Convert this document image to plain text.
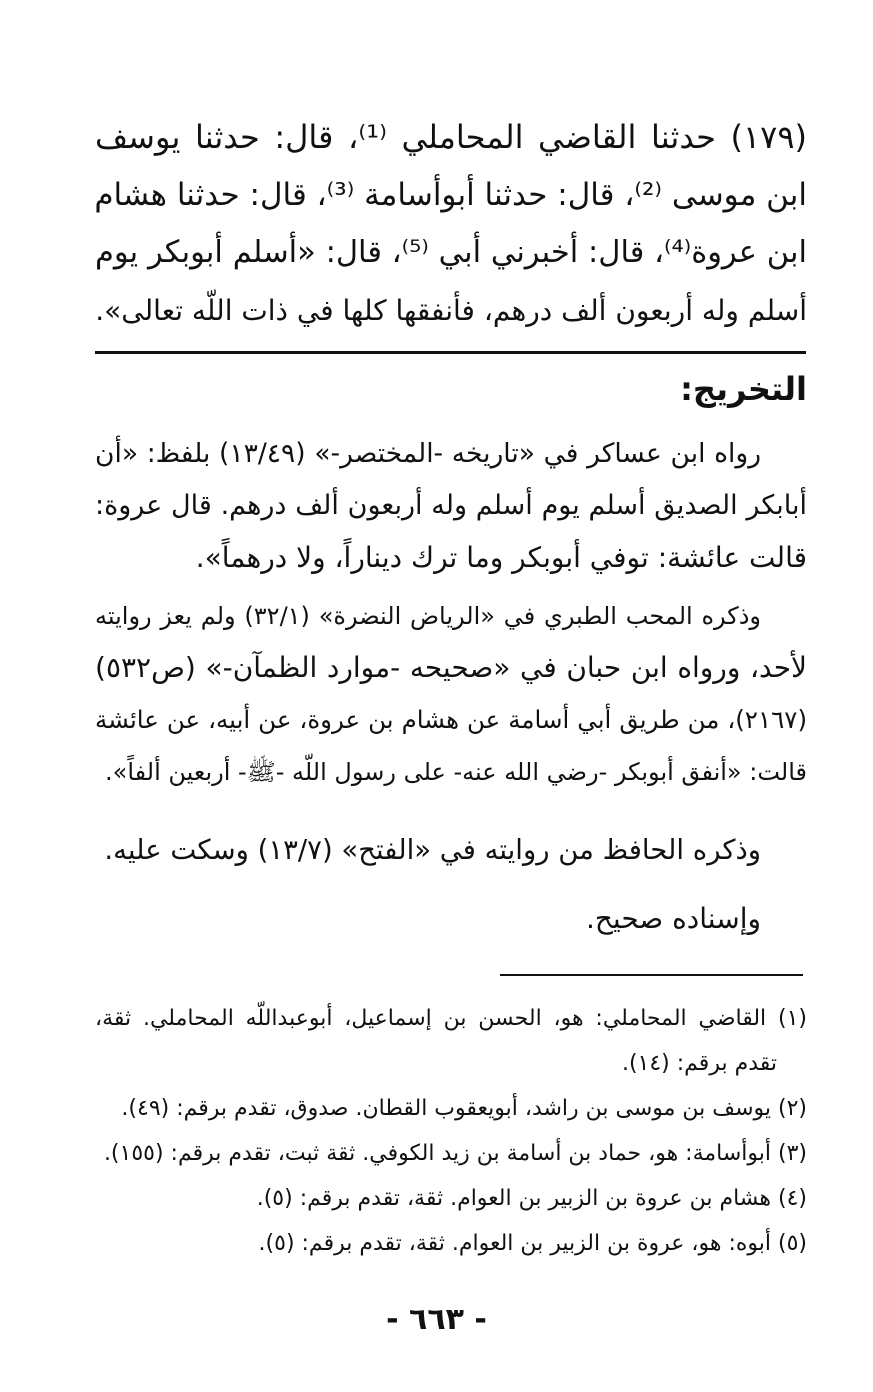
(١٧٩) حدثنا القاضي المحاملي ⁽¹⁾، قال: حدثنا يوسف
ابن موسى ⁽²⁾، قال: حدثنا أبوأسامة ⁽³⁾، قال: حدثنا هشام
ابن عروة⁽⁴⁾، قال: أخبرني أبي ⁽⁵⁾، قال: «أسلم أبوبكر يوم
أسلم وله أربعون ألف درهم، فأنفقها كلها في ذات اللّه تعالى».
التخريج:
رواه ابن عساكر في «تاريخه -المختصر-» (١٣/٤٩) بلفظ: «أن
أبابكر الصديق أسلم يوم أسلم وله أربعون ألف درهم. قال عروة:
قالت عائشة: توفي أبوبكر وما ترك ديناراً، ولا درهماً».
وذكره المحب الطبري في «الرياض النضرة» (٣٢/١) ولم يعز روايته
لأحد، ورواه ابن حبان في «صحيحه -موارد الظمآن-» (ص٥٣٢)
(٢١٦٧)، من طريق أبي أسامة عن هشام بن عروة، عن أبيه، عن عائشة
قالت: «أنفق أبوبكر -رضي الله عنه- على رسول اللّه -ﷺ- أربعين ألفاً».
وذكره الحافظ من روايته في «الفتح» (١٣/٧) وسكت عليه.
وإسناده صحيح.
(١) القاضي المحاملي: هو، الحسن بن إسماعيل، أبوعبداللّه المحاملي. ثقة،
تقدم برقم: (١٤).
(٢) يوسف بن موسى بن راشد، أبويعقوب القطان. صدوق، تقدم برقم: (٤٩).
(٣) أبوأسامة: هو، حماد بن أسامة بن زيد الكوفي. ثقة ثبت، تقدم برقم: (١٥٥).
(٤) هشام بن عروة بن الزبير بن العوام. ثقة، تقدم برقم: (٥).
(٥) أبوه: هو، عروة بن الزبير بن العوام. ثقة، تقدم برقم: (٥).
- ٦٦٣ -
